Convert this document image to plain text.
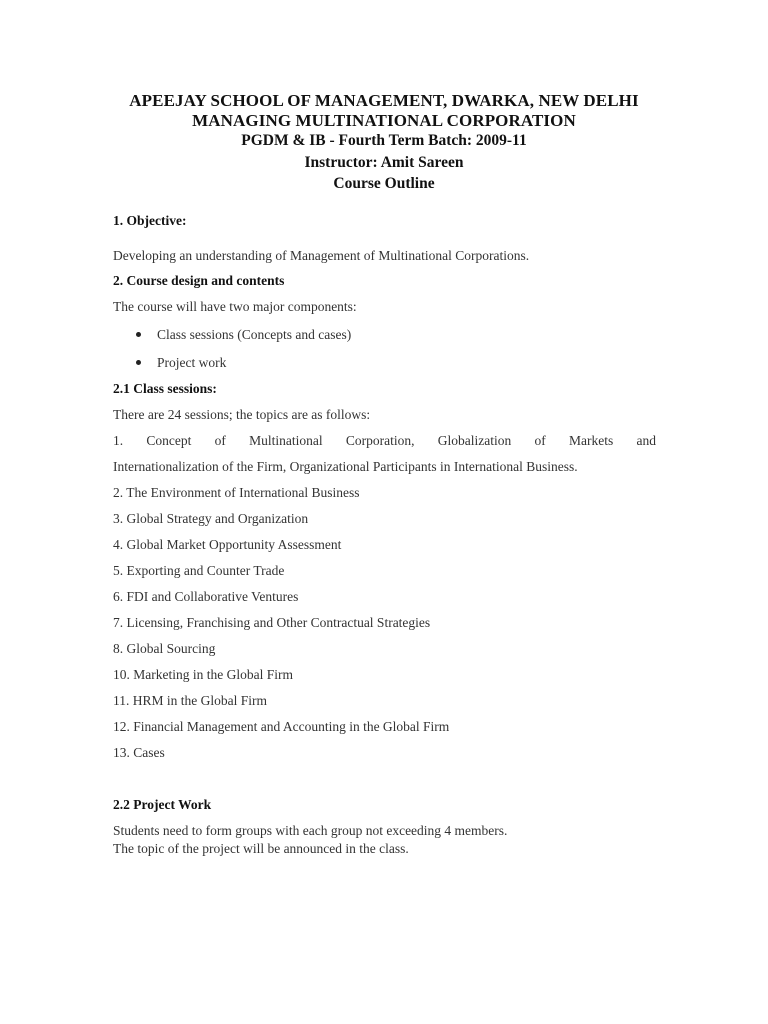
APEEJAY SCHOOL OF MANAGEMENT, DWARKA, NEW DELHI
MANAGING MULTINATIONAL CORPORATION
PGDM & IB - Fourth Term Batch: 2009-11
Instructor: Amit Sareen
Course Outline
1. Objective:
Developing an understanding of Management of Multinational Corporations.
2. Course design and contents
The course will have two major components:
Class sessions (Concepts and cases)
Project work
2.1 Class sessions:
There are 24 sessions; the topics are as follows:
1. Concept of Multinational Corporation, Globalization of Markets and
Internationalization of the Firm, Organizational Participants in International Business.
2. The Environment of International Business
3. Global Strategy and Organization
4. Global Market Opportunity Assessment
5. Exporting and Counter Trade
6. FDI and Collaborative Ventures
7. Licensing, Franchising and Other Contractual Strategies
8. Global Sourcing
10. Marketing in the Global Firm
11. HRM in the Global Firm
12. Financial Management and Accounting in the Global Firm
13. Cases
2.2 Project Work
Students need to form groups with each group not exceeding 4 members.
The topic of the project will be announced in the class.
